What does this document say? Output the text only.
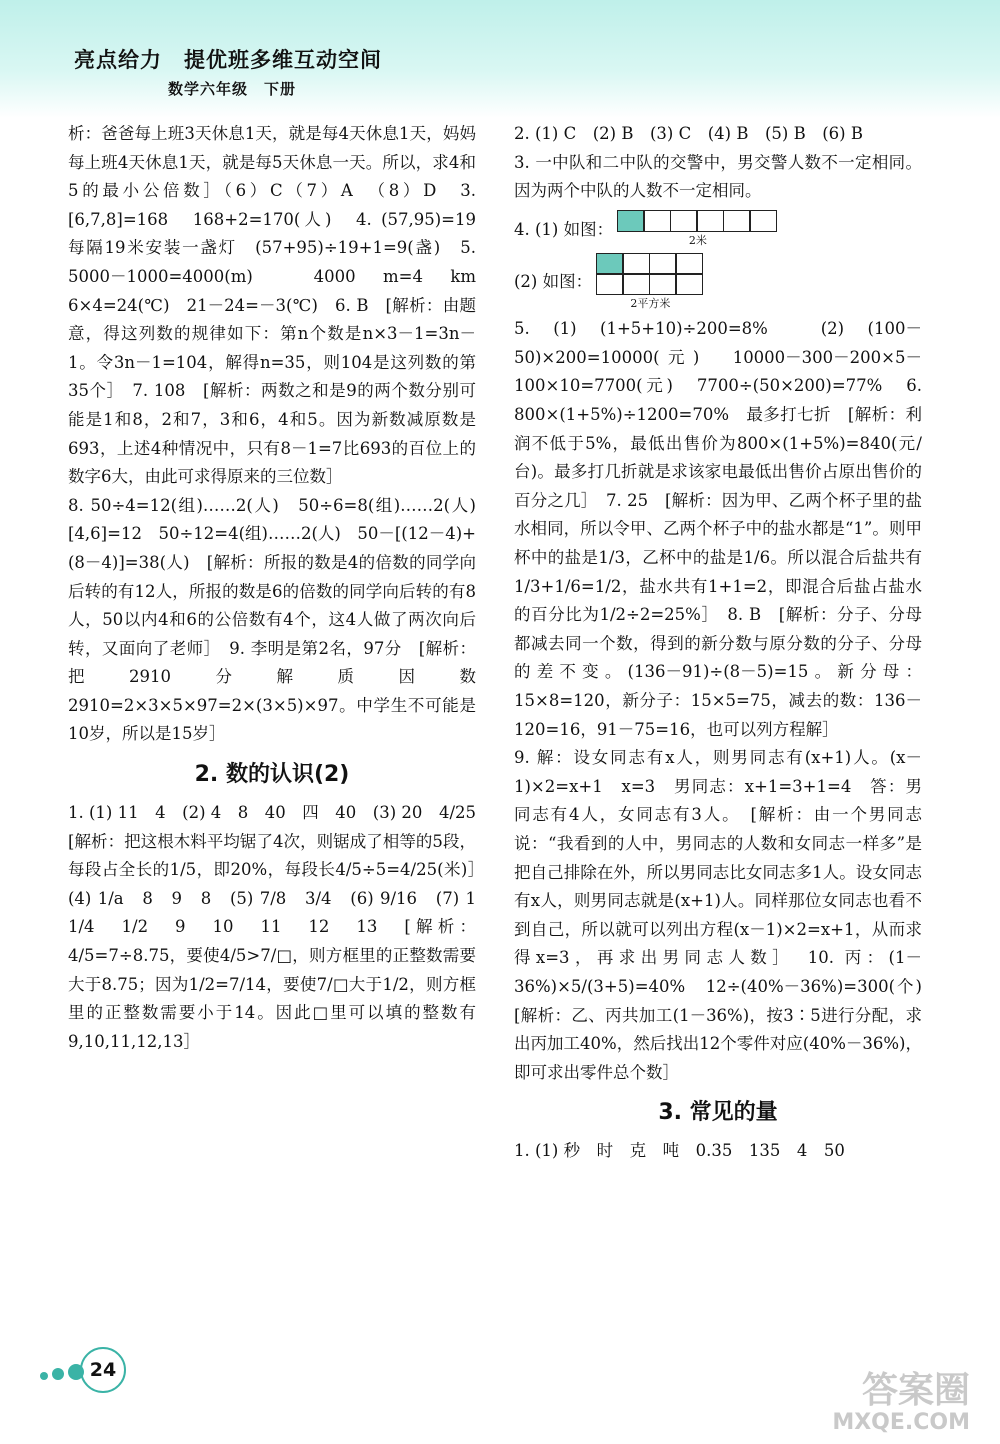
亮点给力　提优班多维互动空间
数学六年级　下册

析：爸爸每上班3天休息1天，就是每4天休息1天，妈妈每上班4天休息1天，就是每5天休息一天。所以，求4和5的最小公倍数］（6）C（7）A　（8）D　3. [6,7,8]=168　168+2=170(人)　4. (57,95)=19　每隔19米安装一盏灯　(57+95)÷19+1=9(盏)　5. 5000－1000=4000(m)　4000 m=4 km　6×4=24(℃)　21－24=－3(℃)　6. B　[解析：由题意，得这列数的规律如下：第n个数是n×3－1=3n－1。令3n－1=104，解得n=35，则104是这列数的第35个］　7. 108　[解析：两数之和是9的两个数分别可能是1和8，2和7，3和6，4和5。因为新数减原数是693，上述4种情况中，只有8－1=7比693的百位上的数字6大，由此可求得原来的三位数］

8. 50÷4=12(组)……2(人)　50÷6=8(组)……2(人)　[4,6]=12　50÷12=4(组)……2(人)　50－[(12－4)+(8－4)]=38(人)　[解析：所报的数是4的倍数的同学向后转的有12人，所报的数是6的倍数的同学向后转的有8人，50以内4和6的公倍数有4个，这4人做了两次向后转，又面向了老师］　9. 李明是第2名，97分　[解析：把2910分解质因数2910=2×3×5×97=2×(3×5)×97。中学生不可能是10岁，所以是15岁］

2. 数的认识(2)

1. (1) 11　4　(2) 4　8　40　四　40　(3) 20　4/25　[解析：把这根木料平均锯了4次，则锯成了相等的5段，每段占全长的1/5，即20%，每段长4/5÷5=4/25(米)］　(4) 1/a　8　9　8　(5) 7/8　3/4　(6) 9/16　(7) 1 1/4　1/2　9　10　11　12　13　[解析：4/5=7÷8.75，要使4/5>7/□，则方框里的正整数需要大于8.75；因为1/2=7/14，要使7/□大于1/2，则方框里的正整数需要小于14。因此□里可以填的整数有9,10,11,12,13］

2. (1) C　(2) B　(3) C　(4) B　(5) B　(6) B

3. 一中队和二中队的交警中，男交警人数不一定相同。因为两个中队的人数不一定相同。

4. (1) 如图：
2米
(2) 如图：
2平方米

5. (1) (1+5+10)÷200=8%　(2) (100－50)×200=10000(元)　10000－300－200×5－100×10=7700(元)　7700÷(50×200)=77%　6. 800×(1+5%)÷1200=70%　最多打七折　[解析：利润不低于5%，最低出售价为800×(1+5%)=840(元/台)。最多打几折就是求该家电最低出售价占原出售价的百分之几］　7. 25　[解析：因为甲、乙两个杯子里的盐水相同，所以令甲、乙两个杯子中的盐水都是“1”。则甲杯中的盐是1/3，乙杯中的盐是1/6。所以混合后盐共有1/3+1/6=1/2，盐水共有1+1=2，即混合后盐占盐水的百分比为1/2÷2=25%］　8. B　[解析：分子、分母都减去同一个数，得到的新分数与原分数的分子、分母的差不变。(136－91)÷(8－5)=15。新分母：15×8=120，新分子：15×5=75，减去的数：136－120=16，91－75=16，也可以列方程解］

9. 解：设女同志有x人，则男同志有(x+1)人。(x－1)×2=x+1　x=3　男同志：x+1=3+1=4　答：男同志有4人，女同志有3人。　[解析：由一个男同志说：“我看到的人中，男同志的人数和女同志一样多”是把自己排除在外，所以男同志比女同志多1人。设女同志有x人，则男同志就是(x+1)人。同样那位女同志也看不到自己，所以就可以列出方程(x－1)×2=x+1，从而求得x=3，再求出男同志人数］　10. 丙：(1－36%)×5/(3+5)=40%　12÷(40%－36%)=300(个)　[解析：乙、丙共加工(1－36%)，按3∶5进行分配，求出丙加工40%，然后找出12个零件对应(40%－36%)，即可求出零件总个数］

3. 常见的量

1. (1) 秒　时　克　吨　0.35　135　4　50

24	答案圈
MXQE.COM
